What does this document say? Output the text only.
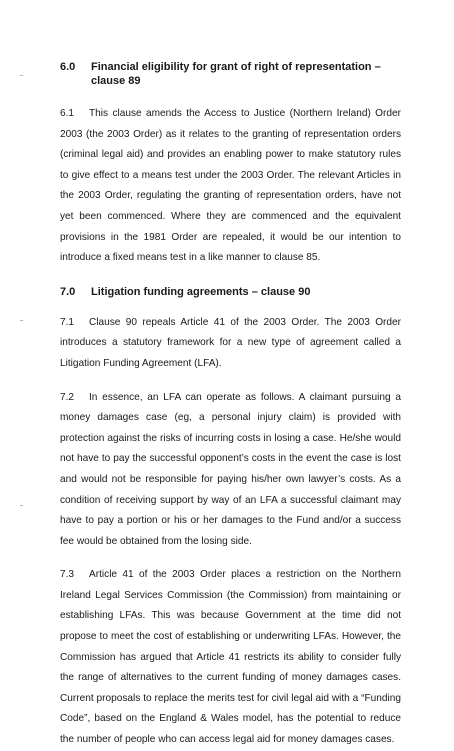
6.0	Financial eligibility for grant of right of representation – clause 89

6.1 This clause amends the Access to Justice (Northern Ireland) Order 2003 (the 2003 Order) as it relates to the granting of representation orders (criminal legal aid) and provides an enabling power to make statutory rules to give effect to a means test under the 2003 Order. The relevant Articles in the 2003 Order, regulating the granting of representation orders, have not yet been commenced. Where they are commenced and the equivalent provisions in the 1981 Order are repealed, it would be our intention to introduce a fixed means test in a like manner to clause 85.

7.0	Litigation funding agreements – clause 90

7.1 Clause 90 repeals Article 41 of the 2003 Order. The 2003 Order introduces a statutory framework for a new type of agreement called a Litigation Funding Agreement (LFA).

7.2 In essence, an LFA can operate as follows. A claimant pursuing a money damages case (eg, a personal injury claim) is provided with protection against the risks of incurring costs in losing a case. He/she would not have to pay the successful opponent’s costs in the event the case is lost and would not be responsible for paying his/her own lawyer’s costs. As a condition of receiving support by way of an LFA a successful claimant may have to pay a portion or his or her damages to the Fund and/or a success fee would be obtained from the losing side.

7.3 Article 41 of the 2003 Order places a restriction on the Northern Ireland Legal Services Commission (the Commission) from maintaining or establishing LFAs. This was because Government at the time did not propose to meet the cost of establishing or underwriting LFAs. However, the Commission has argued that Article 41 restricts its ability to consider fully the range of alternatives to the current funding of money damages cases. Current proposals to replace the merits test for civil legal aid with a “Funding Code”, based on the England & Wales model, has the potential to reduce the number of people who can access legal aid for money damages cases.
